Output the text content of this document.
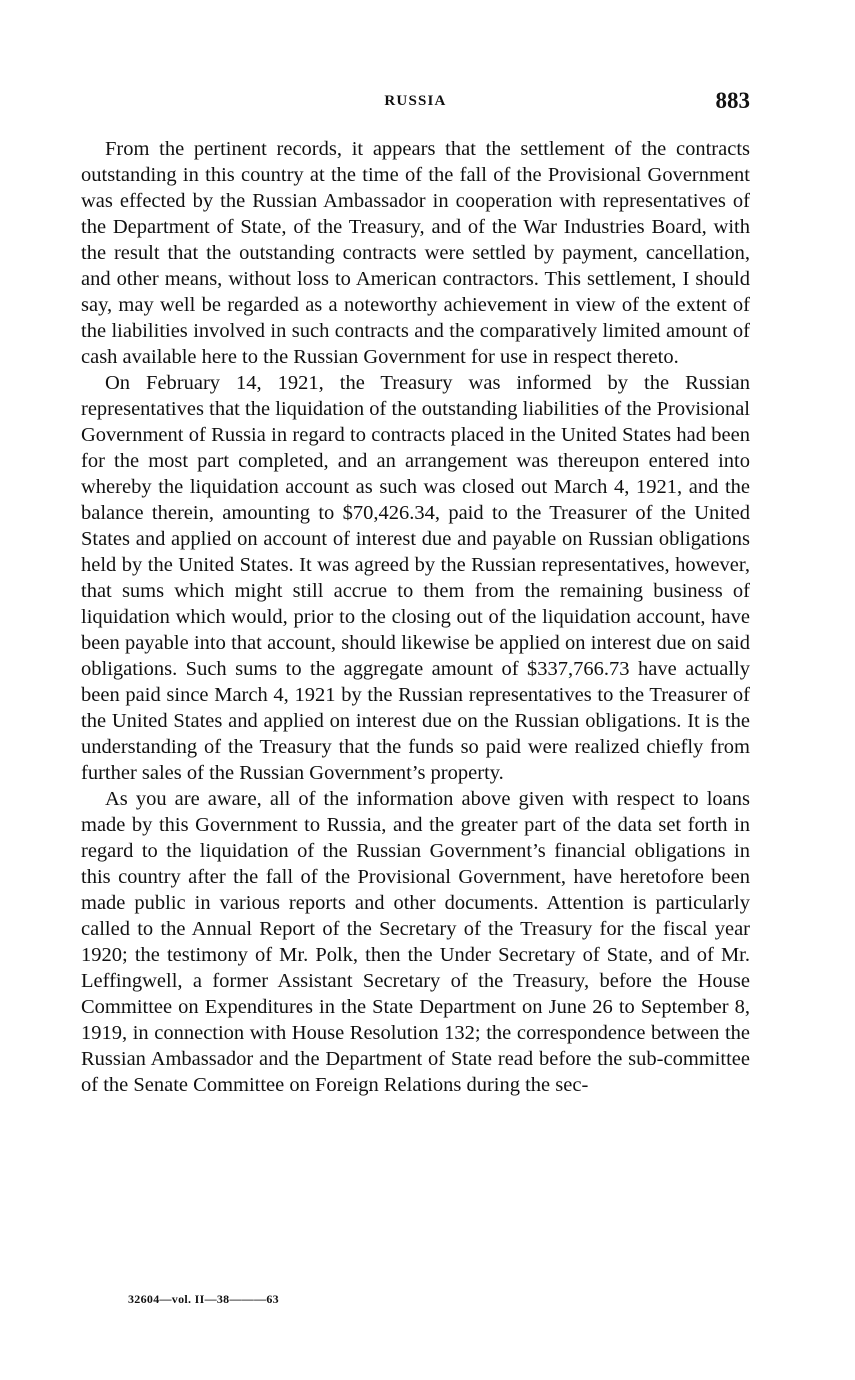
RUSSIA	883

From the pertinent records, it appears that the settlement of the contracts outstanding in this country at the time of the fall of the Provisional Government was effected by the Russian Ambassador in cooperation with representatives of the Department of State, of the Treasury, and of the War Industries Board, with the result that the outstanding contracts were settled by payment, cancellation, and other means, without loss to American contractors. This settlement, I should say, may well be regarded as a noteworthy achievement in view of the extent of the liabilities involved in such contracts and the comparatively limited amount of cash available here to the Russian Government for use in respect thereto.

On February 14, 1921, the Treasury was informed by the Russian representatives that the liquidation of the outstanding liabilities of the Provisional Government of Russia in regard to contracts placed in the United States had been for the most part completed, and an arrangement was thereupon entered into whereby the liquidation account as such was closed out March 4, 1921, and the balance therein, amounting to $70,426.34, paid to the Treasurer of the United States and applied on account of interest due and payable on Russian obligations held by the United States. It was agreed by the Russian representatives, however, that sums which might still accrue to them from the remaining business of liquidation which would, prior to the closing out of the liquidation account, have been payable into that account, should likewise be applied on interest due on said obligations. Such sums to the aggregate amount of $337,766.73 have actually been paid since March 4, 1921 by the Russian representatives to the Treasurer of the United States and applied on interest due on the Russian obligations. It is the understanding of the Treasury that the funds so paid were realized chiefly from further sales of the Russian Government’s property.

As you are aware, all of the information above given with respect to loans made by this Government to Russia, and the greater part of the data set forth in regard to the liquidation of the Russian Government’s financial obligations in this country after the fall of the Provisional Government, have heretofore been made public in various reports and other documents. Attention is particularly called to the Annual Report of the Secretary of the Treasury for the fiscal year 1920; the testimony of Mr. Polk, then the Under Secretary of State, and of Mr. Leffingwell, a former Assistant Secretary of the Treasury, before the House Committee on Expenditures in the State Department on June 26 to September 8, 1919, in connection with House Resolution 132; the correspondence between the Russian Ambassador and the Department of State read before the sub-committee of the Senate Committee on Foreign Relations during the sec-

32604—vol. II—38———63
